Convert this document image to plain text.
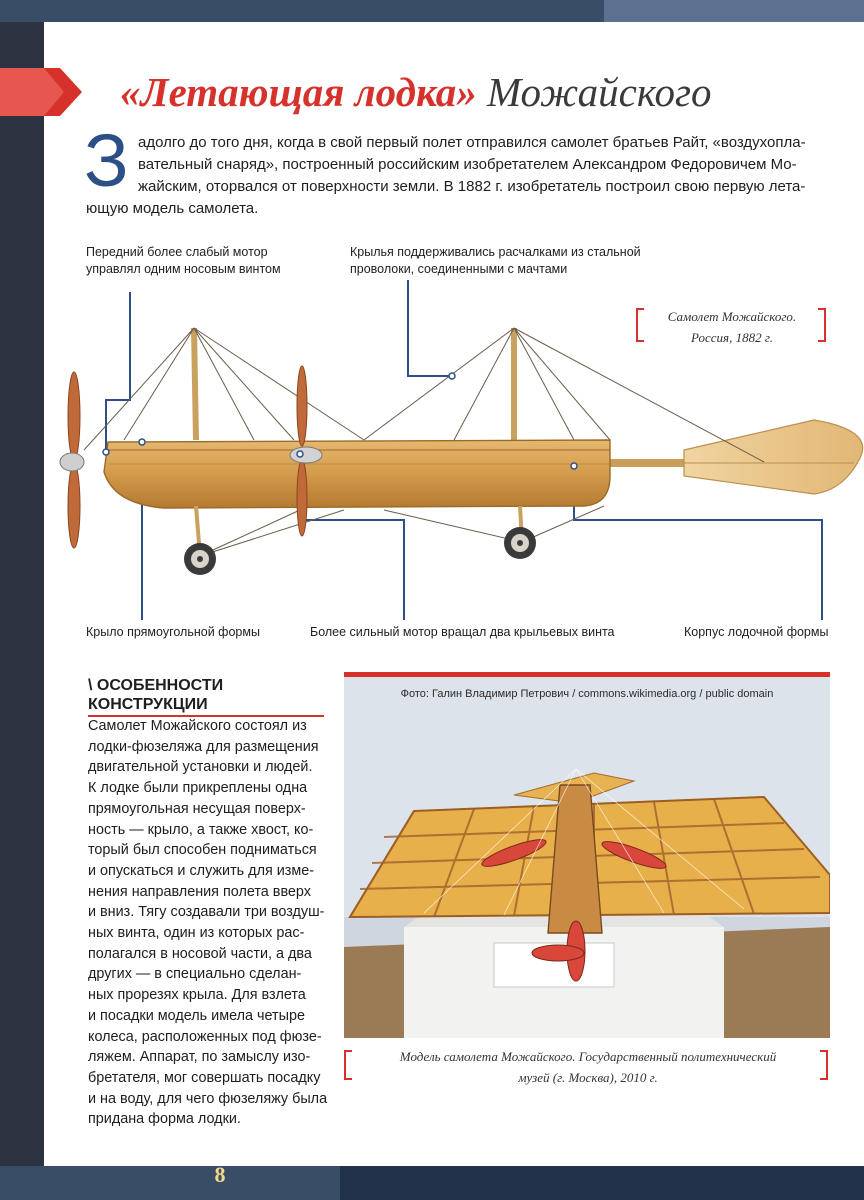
«Летающая лодка» Можайского
З адолго до того дня, когда в свой первый полет отправился самолет братьев Райт, «воздухопла-
вательный снаряд», построенный российским изобретателем Александром Федоровичем Мо-
жайским, оторвался от поверхности земли. В 1882 г. изобретатель построил свою первую лета-
ющую модель самолета.
Передний более слабый мотор
управлял одним носовым винтом
Крылья поддерживались расчалками из стальной
проволоки, соединенными с мачтами
Крыло прямоугольной формы	Более сильный мотор вращал два крыльевых винта	Корпус лодочной формы
Самолет Можайского.
Россия, 1882 г.
\ ОСОБЕННОСТИ
КОНСТРУКЦИИ
Самолет Можайского состоял из
лодки-фюзеляжа для размещения
двигательной установки и людей.
К лодке были прикреплены одна
прямоугольная несущая поверх-
ность — крыло, а также хвост, ко-
торый был способен подниматься
и опускаться и служить для изме-
нения направления полета вверх
и вниз. Тягу создавали три воздуш-
ных винта, один из которых рас-
полагался в носовой части, а два
других — в специально сделан-
ных прорезях крыла. Для взлета
и посадки модель имела четыре
колеса, расположенных под фюзе-
ляжем. Аппарат, по замыслу изо-
бретателя, мог совершать посадку
и на воду, для чего фюзеляжу была
придана форма лодки.
Фото: Галин Владимир Петрович / commons.wikimedia.org / public domain
Модель самолета Можайского. Государственный политехнический
музей (г. Москва), 2010 г.
8
